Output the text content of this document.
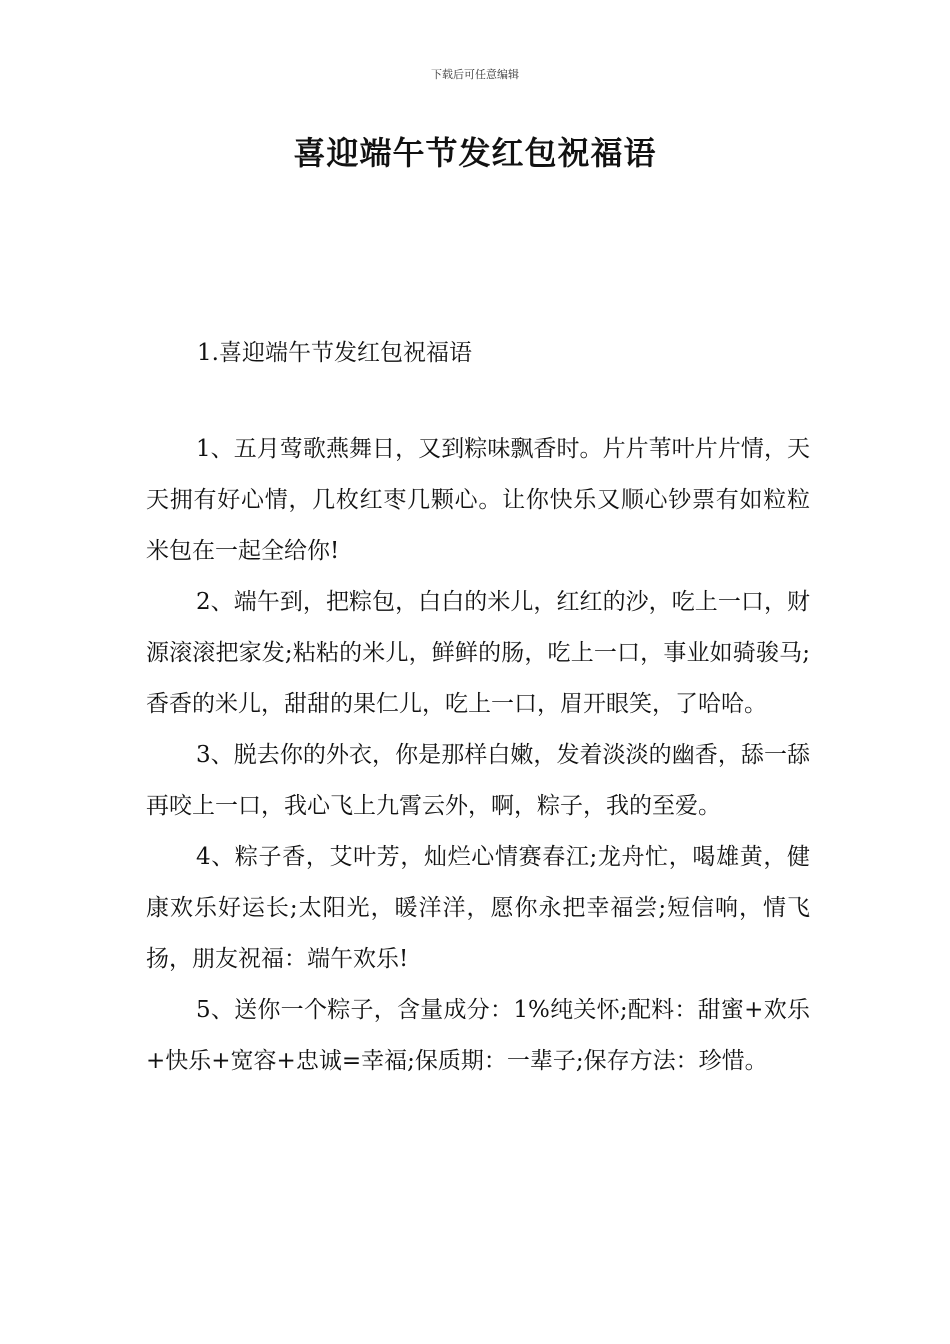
下载后可任意编辑
喜迎端午节发红包祝福语
1.喜迎端午节发红包祝福语

1、五月莺歌燕舞日，又到粽味飘香时。片片苇叶片片情，天天拥有好心情，几枚红枣几颗心。让你快乐又顺心钞票有如粒粒米包在一起全给你!

2、端午到，把粽包，白白的米儿，红红的沙，吃上一口，财源滚滚把家发;粘粘的米儿，鲜鲜的肠，吃上一口，事业如骑骏马;香香的米儿，甜甜的果仁儿，吃上一口，眉开眼笑，了哈哈。

3、脱去你的外衣，你是那样白嫩，发着淡淡的幽香，舔一舔再咬上一口，我心飞上九霄云外，啊，粽子，我的至爱。

4、粽子香，艾叶芳，灿烂心情赛春江;龙舟忙，喝雄黄，健康欢乐好运长;太阳光，暖洋洋，愿你永把幸福尝;短信响，情飞扬，朋友祝福：端午欢乐!

5、送你一个粽子，含量成分：1%纯关怀;配料：甜蜜+欢乐+快乐+宽容+忠诚=幸福;保质期：一辈子;保存方法：珍惜。
